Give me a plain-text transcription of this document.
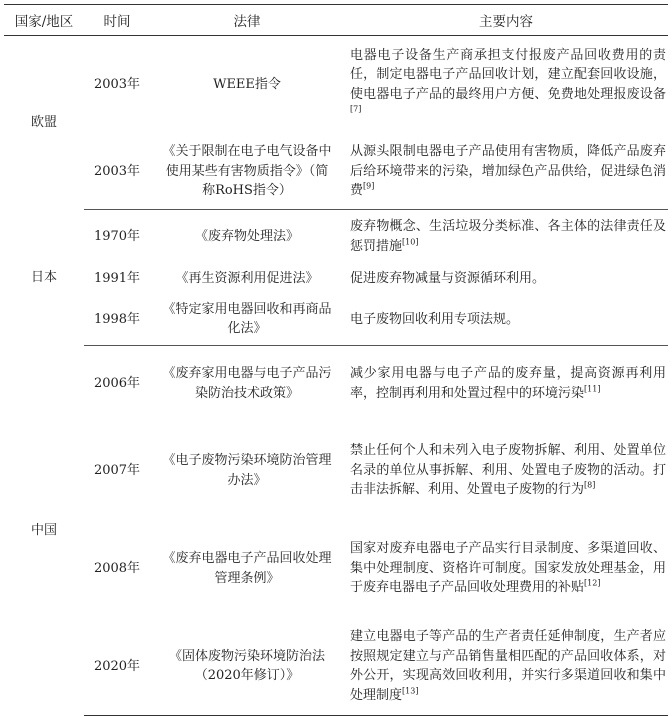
国家/地区	时间	法律	主要内容
欧盟	2003年	WEEE指令	电器电子设备生产商承担支付报废产品回收费用的责任，制定电器电子产品回收计划，建立配套回收设施，使电器电子产品的最终用户方便、免费地处理报废设备[7]
	2003年	《关于限制在电子电气设备中使用某些有害物质指令》（简称RoHS指令）	从源头限制电器电子产品使用有害物质，降低产品废弃后给环境带来的污染，增加绿色产品供给，促进绿色消费[9]
日本	1970年	《废弃物处理法》	废弃物概念、生活垃圾分类标准、各主体的法律责任及惩罚措施[10]
	1991年	《再生资源利用促进法》	促进废弃物减量与资源循环利用。
	1998年	《特定家用电器回收和再商品化法》	电子废物回收利用专项法规。
中国	2006年	《废弃家用电器与电子产品污染防治技术政策》	减少家用电器与电子产品的废弃量，提高资源再利用率，控制再利用和处置过程中的环境污染[11]
	2007年	《电子废物污染环境防治管理办法》	禁止任何个人和未列入电子废物拆解、利用、处置单位名录的单位从事拆解、利用、处置电子废物的活动。打击非法拆解、利用、处置电子废物的行为[8]
	2008年	《废弃电器电子产品回收处理管理条例》	国家对废弃电器电子产品实行目录制度、多渠道回收、集中处理制度、资格许可制度。国家发放处理基金，用于废弃电器电子产品回收处理费用的补贴[12]
	2020年	《固体废物污染环境防治法（2020年修订）》	建立电器电子等产品的生产者责任延伸制度，生产者应按照规定建立与产品销售量相匹配的产品回收体系，对外公开，实现高效回收利用，并实行多渠道回收和集中处理制度[13]
